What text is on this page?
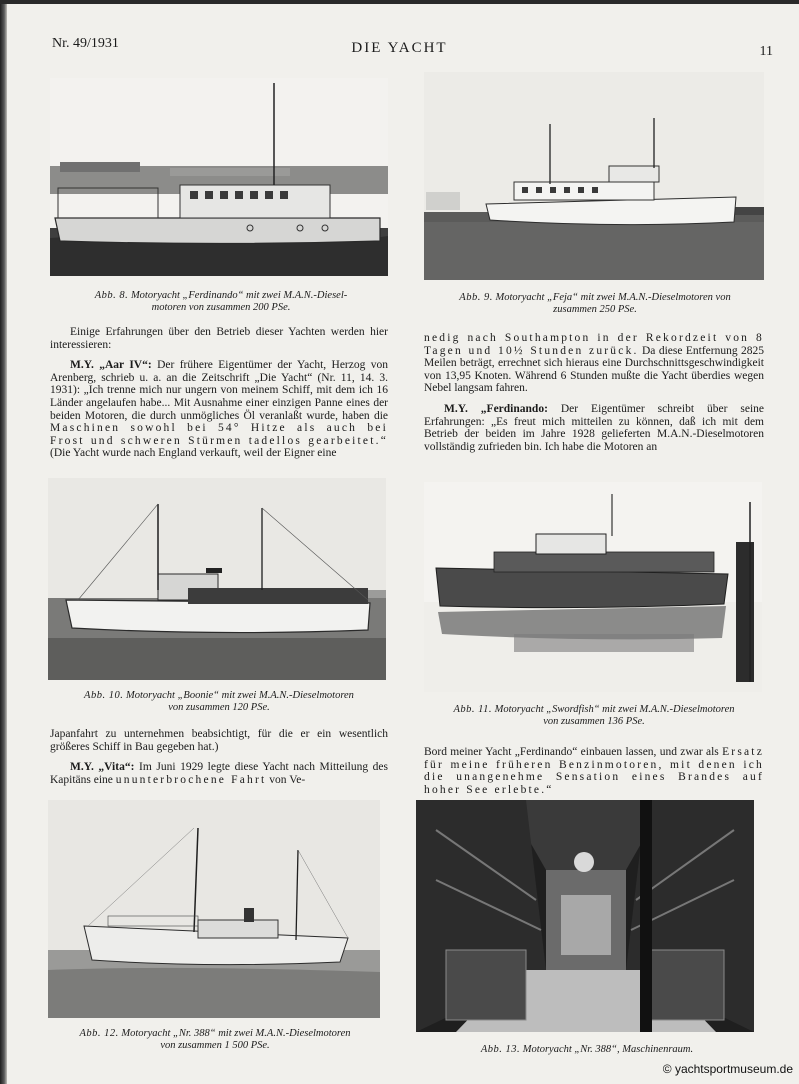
Nr. 49/1931	DIE YACHT	11
Abb. 8. Motoryacht „Ferdinando“ mit zwei M.A.N.-Diesel-
motoren von zusammen 200 PSe.
Abb. 9. Motoryacht „Feja“ mit zwei M.A.N.-Dieselmotoren von
zusammen 250 PSe.

Einige Erfahrungen über den Betrieb dieser Yachten werden hier interessieren:

M.Y. „Aar IV“: Der frühere Eigentümer der Yacht, Herzog von Arenberg, schrieb u. a. an die Zeitschrift „Die Yacht“ (Nr. 11, 14. 3. 1931): „Ich trenne mich nur ungern von meinem Schiff, mit dem ich 16 Länder angelaufen habe... Mit Ausnahme einer einzigen Panne eines der beiden Motoren, die durch unmögliches Öl veranlaßt wurde, haben die Maschinen sowohl bei 54° Hitze als auch bei Frost und schweren Stürmen tadellos gearbeitet.“ (Die Yacht wurde nach England verkauft, weil der Eigner eine

nedig nach Southampton in der Rekordzeit von 8 Tagen und 10½ Stunden zurück. Da diese Entfernung 2825 Meilen beträgt, errechnet sich hieraus eine Durchschnittsgeschwindigkeit von 13,95 Knoten. Während 6 Stunden mußte die Yacht überdies wegen Nebel langsam fahren.

M.Y. „Ferdinando: Der Eigentümer schreibt über seine Erfahrungen: „Es freut mich mitteilen zu können, daß ich mit dem Betrieb der beiden im Jahre 1928 gelieferten M.A.N.-Dieselmotoren vollständig zufrieden bin. Ich habe die Motoren an

Abb. 10. Motoryacht „Boonie“ mit zwei M.A.N.-Dieselmotoren
von zusammen 120 PSe.	Abb. 11. Motoryacht „Swordfish“ mit zwei M.A.N.-Dieselmotoren
von zusammen 136 PSe.

Japanfahrt zu unternehmen beabsichtigt, für die er ein wesentlich größeres Schiff in Bau gegeben hat.)

M.Y. „Vita“: Im Juni 1929 legte diese Yacht nach Mitteilung des Kapitäns eine ununterbrochene Fahrt von Ve-

Bord meiner Yacht „Ferdinando“ einbauen lassen, und zwar als Ersatz für meine früheren Benzinmotoren, mit denen ich die unangenehme Sensation eines Brandes auf hoher See erlebte.“

Abb. 12. Motoryacht „Nr. 388“ mit zwei M.A.N.-Dieselmotoren
von zusammen 1 500 PSe.	Abb. 13. Motoryacht „Nr. 388“, Maschinenraum.
© yachtsportmuseum.de
